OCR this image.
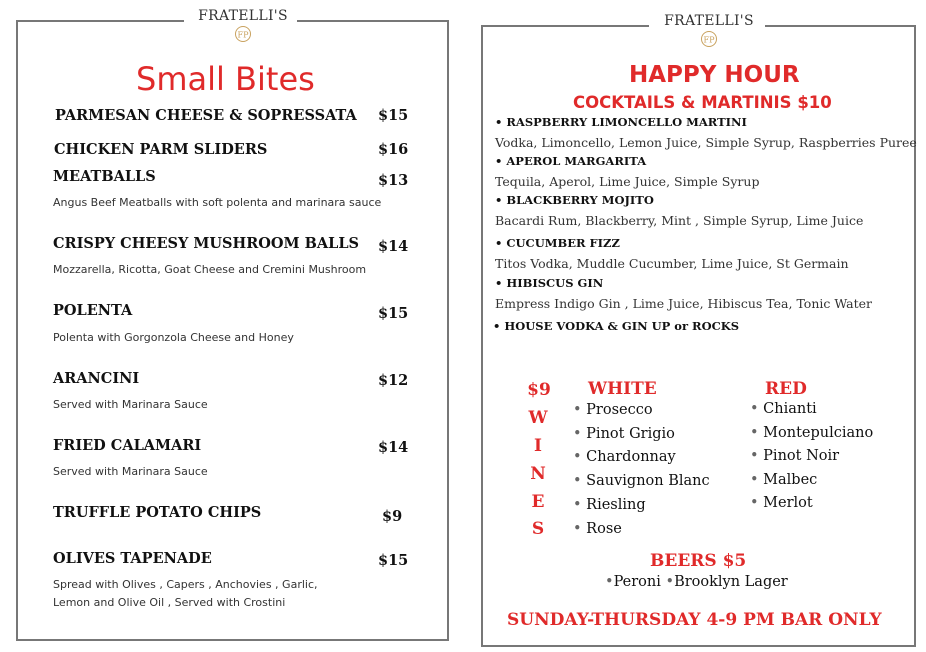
FRATELLI'S
FP
Small Bites
PARMESAN CHEESE & SOPRESSATA $15
CHICKEN PARM SLIDERS	$16
MEATBALLS	$13
Angus Beef Meatballs with soft polenta and marinara sauce
CRISPY CHEESY MUSHROOM BALLS $14
Mozzarella, Ricotta, Goat Cheese and Cremini Mushroom
POLENTA	$15
Polenta with Gorgonzola Cheese and Honey
ARANCINI	$12
Served with Marinara Sauce
FRIED CALAMARI	$14
Served with Marinara Sauce
TRUFFLE POTATO CHIPS	$9
OLIVES TAPENADE	$15
Spread with Olives , Capers , Anchovies , Garlic,
Lemon and Olive Oil , Served with Crostini
FRATELLI'S
FP
HAPPY HOUR
COCKTAILS & MARTINIS $10
• RASPBERRY LIMONCELLO MARTINI
Vodka, Limoncello, Lemon Juice, Simple Syrup, Raspberries Puree
• APEROL MARGARITA
Tequila, Aperol, Lime Juice, Simple Syrup
• BLACKBERRY MOJITO
Bacardi Rum, Blackberry, Mint , Simple Syrup, Lime Juice
• CUCUMBER FIZZ
Titos Vodka, Muddle Cucumber, Lime Juice, St Germain
• HIBISCUS GIN
Empress Indigo Gin , Lime Juice, Hibiscus Tea, Tonic Water
• HOUSE VODKA & GIN UP or ROCKS
$9
W
I
N
E
S
WHITE
• Prosecco
• Pinot Grigio
• Chardonnay
• Sauvignon Blanc
• Riesling
• Rose
RED
• Chianti
• Montepulciano
• Pinot Noir
• Malbec
• Merlot
BEERS $5
•Peroni •Brooklyn Lager
SUNDAY-THURSDAY 4-9 PM BAR ONLY
